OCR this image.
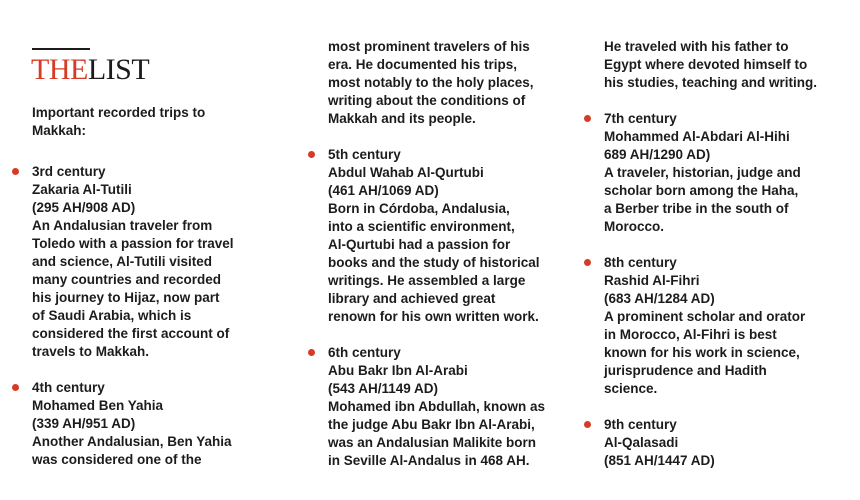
THELIST
Important recorded trips to Makkah:
3rd century
Zakaria Al-Tutili
(295 AH/908 AD)
An Andalusian traveler from
Toledo with a passion for travel
and science, Al-Tutili visited
many countries and recorded
his journey to Hijaz, now part
of Saudi Arabia, which is
considered the first account of
travels to Makkah.
4th century
Mohamed Ben Yahia
(339 AH/951 AD)
Another Andalusian, Ben Yahia
was considered one of the
most prominent travelers of his
era. He documented his trips,
most notably to the holy places,
writing about the conditions of
Makkah and its people.
5th century
Abdul Wahab Al-Qurtubi
(461 AH/1069 AD)
Born in Córdoba, Andalusia,
into a scientific environment,
Al-Qurtubi had a passion for
books and the study of historical
writings. He assembled a large
library and achieved great
renown for his own written work.
6th century
Abu Bakr Ibn Al-Arabi
(543 AH/1149 AD)
Mohamed ibn Abdullah, known as
the judge Abu Bakr Ibn Al-Arabi,
was an Andalusian Malikite born
in Seville Al-Andalus in 468 AH.
He traveled with his father to
Egypt where devoted himself to
his studies, teaching and writing.
7th century
Mohammed Al-Abdari Al-Hihi
689 AH/1290 AD)
A traveler, historian, judge and
scholar born among the Haha,
a Berber tribe in the south of
Morocco.
8th century
Rashid Al-Fihri
(683 AH/1284 AD)
A prominent scholar and orator
in Morocco, Al-Fihri is best
known for his work in science,
jurisprudence and Hadith
science.
9th century
Al-Qalasadi
(851 AH/1447 AD)
